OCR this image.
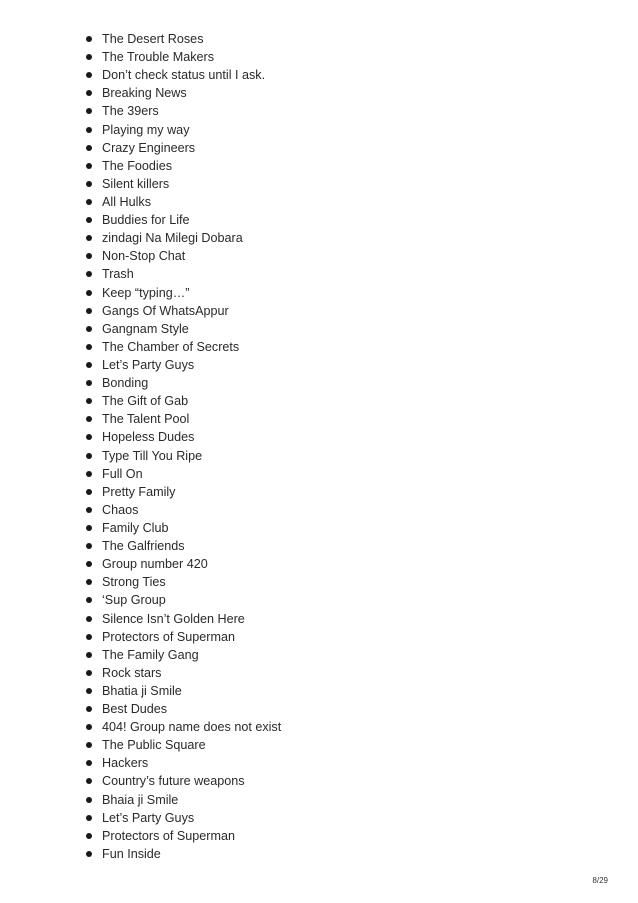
The Desert Roses
The Trouble Makers
Don’t check status until I ask.
Breaking News
The 39ers
Playing my way
Crazy Engineers
The Foodies
Silent killers
All Hulks
Buddies for Life
zindagi Na Milegi Dobara
Non-Stop Chat
Trash
Keep “typing…”
Gangs Of WhatsAppur
Gangnam Style
The Chamber of Secrets
Let’s Party Guys
Bonding
The Gift of Gab
The Talent Pool
Hopeless Dudes
Type Till You Ripe
Full On
Pretty Family
Chaos
Family Club
The Galfriends
Group number 420
Strong Ties
‘Sup Group
Silence Isn’t Golden Here
Protectors of Superman
The Family Gang
Rock stars
Bhatia ji Smile
Best Dudes
404! Group name does not exist
The Public Square
Hackers
Country’s future weapons
Bhaia ji Smile
Let’s Party Guys
Protectors of Superman
Fun Inside
8/29
